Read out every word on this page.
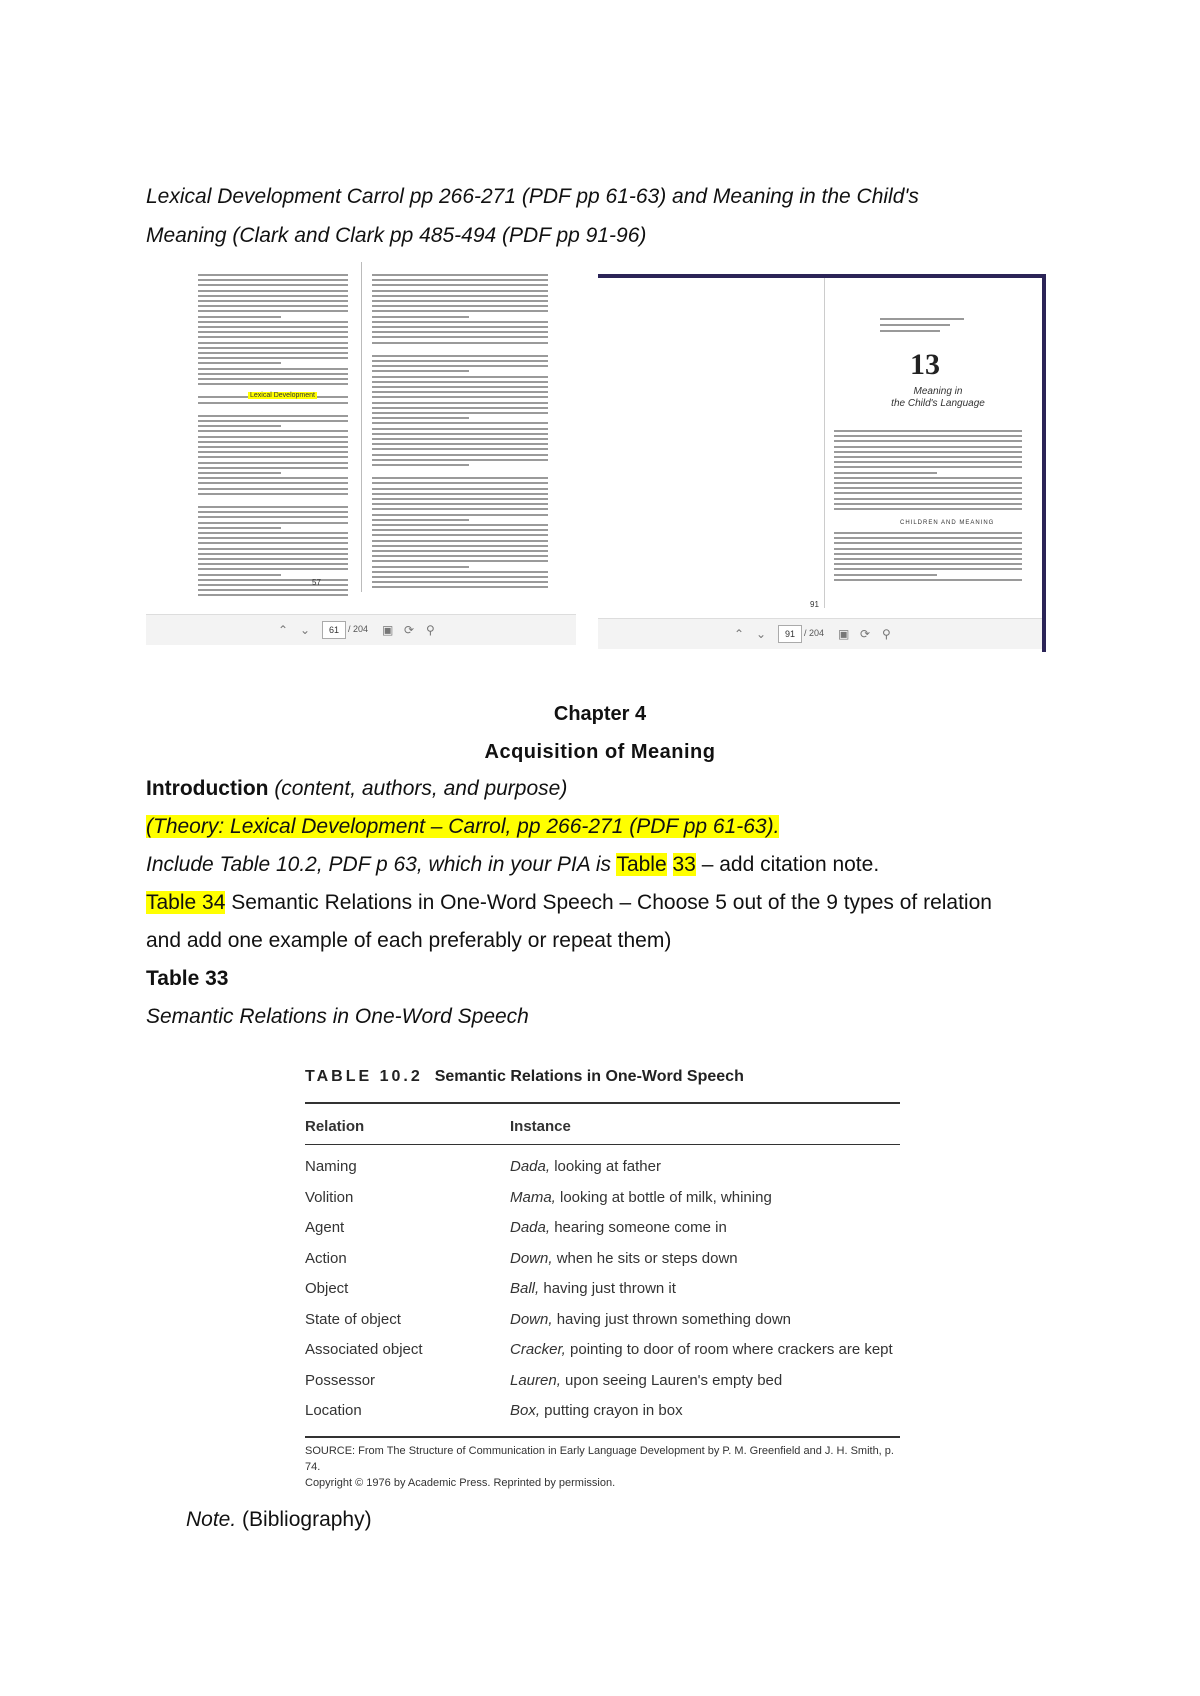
Lexical Development Carrol pp 266-271 (PDF pp 61-63) and Meaning in the Child's
Meaning (Clark and Clark pp 485-494 (PDF pp 91-96)
Lexical Development
57
⌃ ⌄	61	/ 204 ▣ ⟳ ⚲
13
Meaning in
the Child's Language
CHILDREN AND MEANING
91
⌃ ⌄	91	/ 204 ▣ ⟳ ⚲
Chapter 4
Acquisition of Meaning
Introduction (content, authors, and purpose)
(Theory: Lexical Development – Carrol, pp 266-271 (PDF pp 61-63).
Include Table 10.2, PDF p 63, which in your PIA is Table 33 – add citation note.
Table 34 Semantic Relations in One-Word Speech – Choose 5 out of the 9 types of relation
and add one example of each preferably or repeat them)
Table 33
Semantic Relations in One-Word Speech
TABLE 10.2 Semantic Relations in One-Word Speech
Relation	Instance
Naming	Dada, looking at father
Volition	Mama, looking at bottle of milk, whining
Agent	Dada, hearing someone come in
Action	Down, when he sits or steps down
Object	Ball, having just thrown it
State of object	Down, having just thrown something down
Associated object	Cracker, pointing to door of room where crackers are kept
Possessor	Lauren, upon seeing Lauren's empty bed
Location	Box, putting crayon in box
SOURCE: From The Structure of Communication in Early Language Development by P. M. Greenfield and J. H. Smith, p. 74.
Copyright © 1976 by Academic Press. Reprinted by permission.
Note. (Bibliography)
